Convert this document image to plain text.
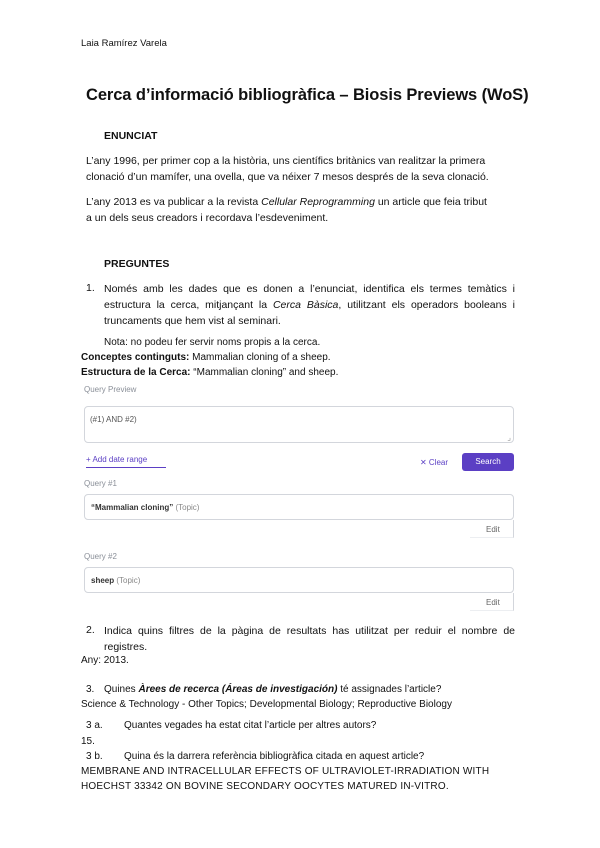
Laia Ramírez Varela
Cerca d’informació bibliogràfica – Biosis Previews (WoS)
ENUNCIAT
L’any 1996, per primer cop a la història, uns científics britànics van realitzar la primera
clonació d’un mamífer, una ovella, que va néixer 7 mesos després de la seva clonació.
L’any 2013 es va publicar a la revista Cellular Reprogramming un article que feia tribut
a un dels seus creadors i recordava l’esdeveniment.
PREGUNTES
1. Només amb les dades que es donen a l’enunciat, identifica els termes temàtics i
estructura la cerca, mitjançant la Cerca Bàsica, utilitzant els operadors booleans i
truncaments que hem vist al seminari.
Nota: no podeu fer servir noms propis a la cerca.
Conceptes continguts: Mammalian cloning of a sheep.
Estructura de la Cerca: “Mammalian cloning” and sheep.
Query Preview
(#1) AND #2)
⌟
+ Add date range	✕ Clear	Search
Query #1
“Mammalian cloning” (Topic)
Edit
Query #2
sheep (Topic)
Edit
2. Indica quins filtres de la pàgina de resultats has utilitzat per reduir el nombre de
registres.
Any: 2013.
3. Quines Àrees de recerca (Áreas de investigación) té assignades l’article?
Science & Technology - Other Topics; Developmental Biology; Reproductive Biology
3 a. Quantes vegades ha estat citat l’article per altres autors?
15.
3 b. Quina és la darrera referència bibliogràfica citada en aquest article?
MEMBRANE AND INTRACELLULAR EFFECTS OF ULTRAVIOLET-IRRADIATION WITH
HOECHST 33342 ON BOVINE SECONDARY OOCYTES MATURED IN-VITRO.
